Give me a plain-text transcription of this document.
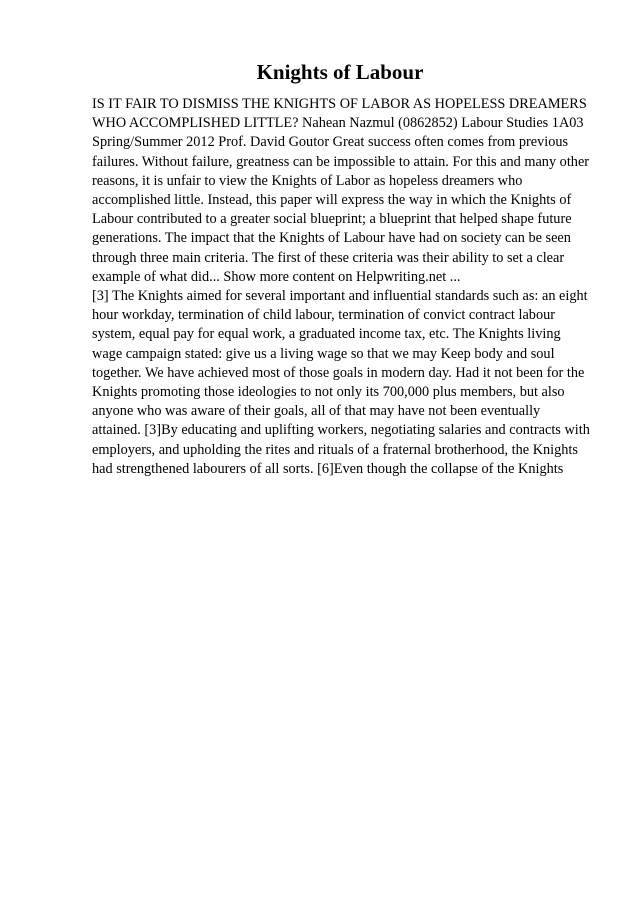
Knights of Labour

IS IT FAIR TO DISMISS THE KNIGHTS OF LABOR AS HOPELESS DREAMERS WHO ACCOMPLISHED LITTLE? Nahean Nazmul (0862852) Labour Studies 1A03 Spring/Summer 2012 Prof. David Goutor Great success often comes from previous failures. Without failure, greatness can be impossible to attain. For this and many other reasons, it is unfair to view the Knights of Labor as hopeless dreamers who accomplished little. Instead, this paper will express the way in which the Knights of Labour contributed to a greater social blueprint; a blueprint that helped shape future generations. The impact that the Knights of Labour have had on society can be seen through three main criteria. The first of these criteria was their ability to set a clear example of what did... Show more content on Helpwriting.net ...

[3] The Knights aimed for several important and influential standards such as: an eight hour workday, termination of child labour, termination of convict contract labour system, equal pay for equal work, a graduated income tax, etc. The Knights living wage campaign stated: give us a living wage so that we may Keep body and soul together. We have achieved most of those goals in modern day. Had it not been for the Knights promoting those ideologies to not only its 700,000 plus members, but also anyone who was aware of their goals, all of that may have not been eventually attained. [3]By educating and uplifting workers, negotiating salaries and contracts with employers, and upholding the rites and rituals of a fraternal brotherhood, the Knights had strengthened labourers of all sorts. [6]Even though the collapse of the Knights
